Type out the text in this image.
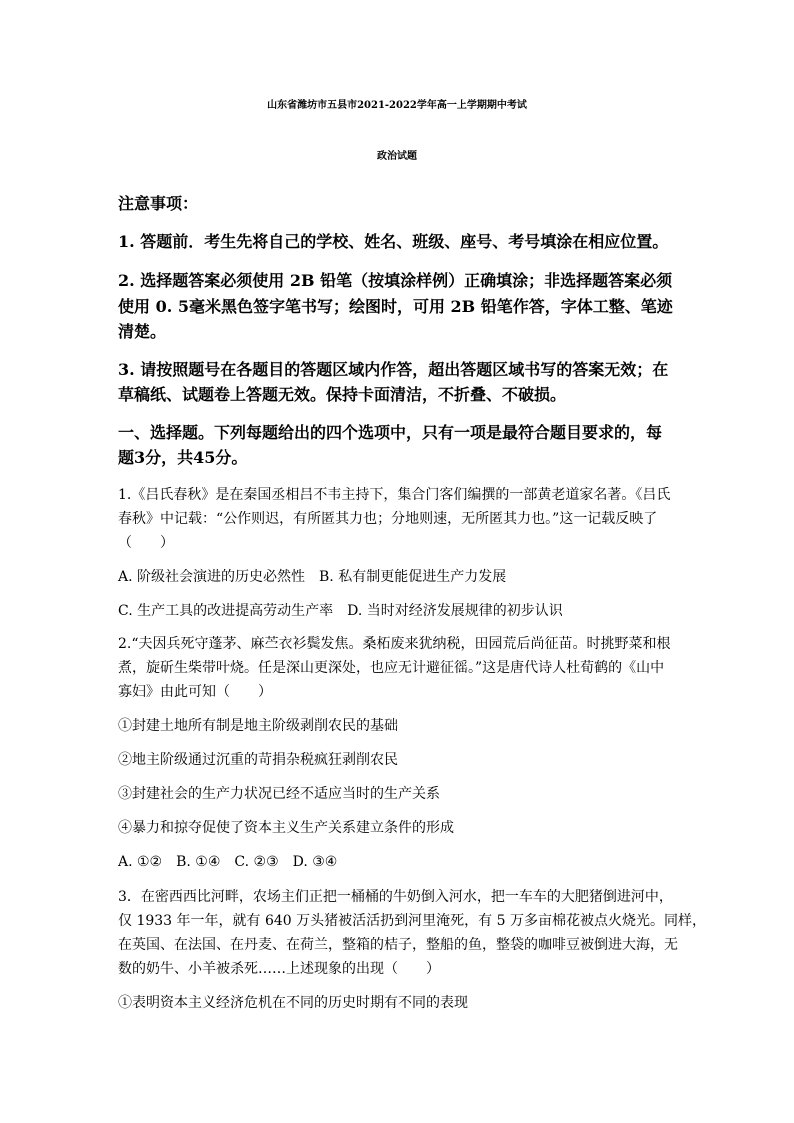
山东省潍坊市五县市2021-2022学年高一上学期期中考试
政治试题
注意事项：
1. 答题前．考生先将自己的学校、姓名、班级、座号、考号填涂在相应位置。
2. 选择题答案必须使用 2B 铅笔（按填涂样例）正确填涂；非选择题答案必须
使用 0. 5毫米黑色签字笔书写；绘图时，可用 2B 铅笔作答，字体工整、笔迹
清楚。
3. 请按照题号在各题目的答题区域内作答，超出答题区域书写的答案无效；在
草稿纸、试题卷上答题无效。保持卡面清洁，不折叠、不破损。
一、选择题。下列每题给出的四个选项中，只有一项是最符合题目要求的，每
题3分，共45分。
1.《吕氏春秋》是在秦国丞相吕不韦主持下，集合门客们编撰的一部黄老道家名著。《吕氏
春秋》中记载：“公作则迟，有所匿其力也；分地则速，无所匿其力也。”这一记载反映了
（　　）
A. 阶级社会演进的历史必然性　B. 私有制更能促进生产力发展
C. 生产工具的改进提高劳动生产率　D. 当时对经济发展规律的初步认识
2.“夫因兵死守蓬茅、麻苎衣衫鬓发焦。桑柘废来犹纳税，田园荒后尚征苗。时挑野菜和根
煮，旋斫生柴带叶烧。任是深山更深处，也应无计避征徭。”这是唐代诗人杜荀鹤的《山中
寡妇》由此可知（　　）
①封建土地所有制是地主阶级剥削农民的基础
②地主阶级通过沉重的苛捐杂税疯狂剥削农民
③封建社会的生产力状况已经不适应当时的生产关系
④暴力和掠夺促使了资本主义生产关系建立条件的形成
A. ①②　B. ①④　C. ②③　D. ③④
3．在密西西比河畔，农场主们正把一桶桶的牛奶倒入河水，把一车车的大肥猪倒进河中，
仅 1933 年一年，就有 640 万头猪被活活扔到河里淹死，有 5 万多亩棉花被点火烧光。同样，
在英国、在法国、在丹麦、在荷兰，整箱的桔子，整船的鱼，整袋的咖啡豆被倒进大海，无
数的奶牛、小羊被杀死……上述现象的出现（　　）
①表明资本主义经济危机在不同的历史时期有不同的表现
